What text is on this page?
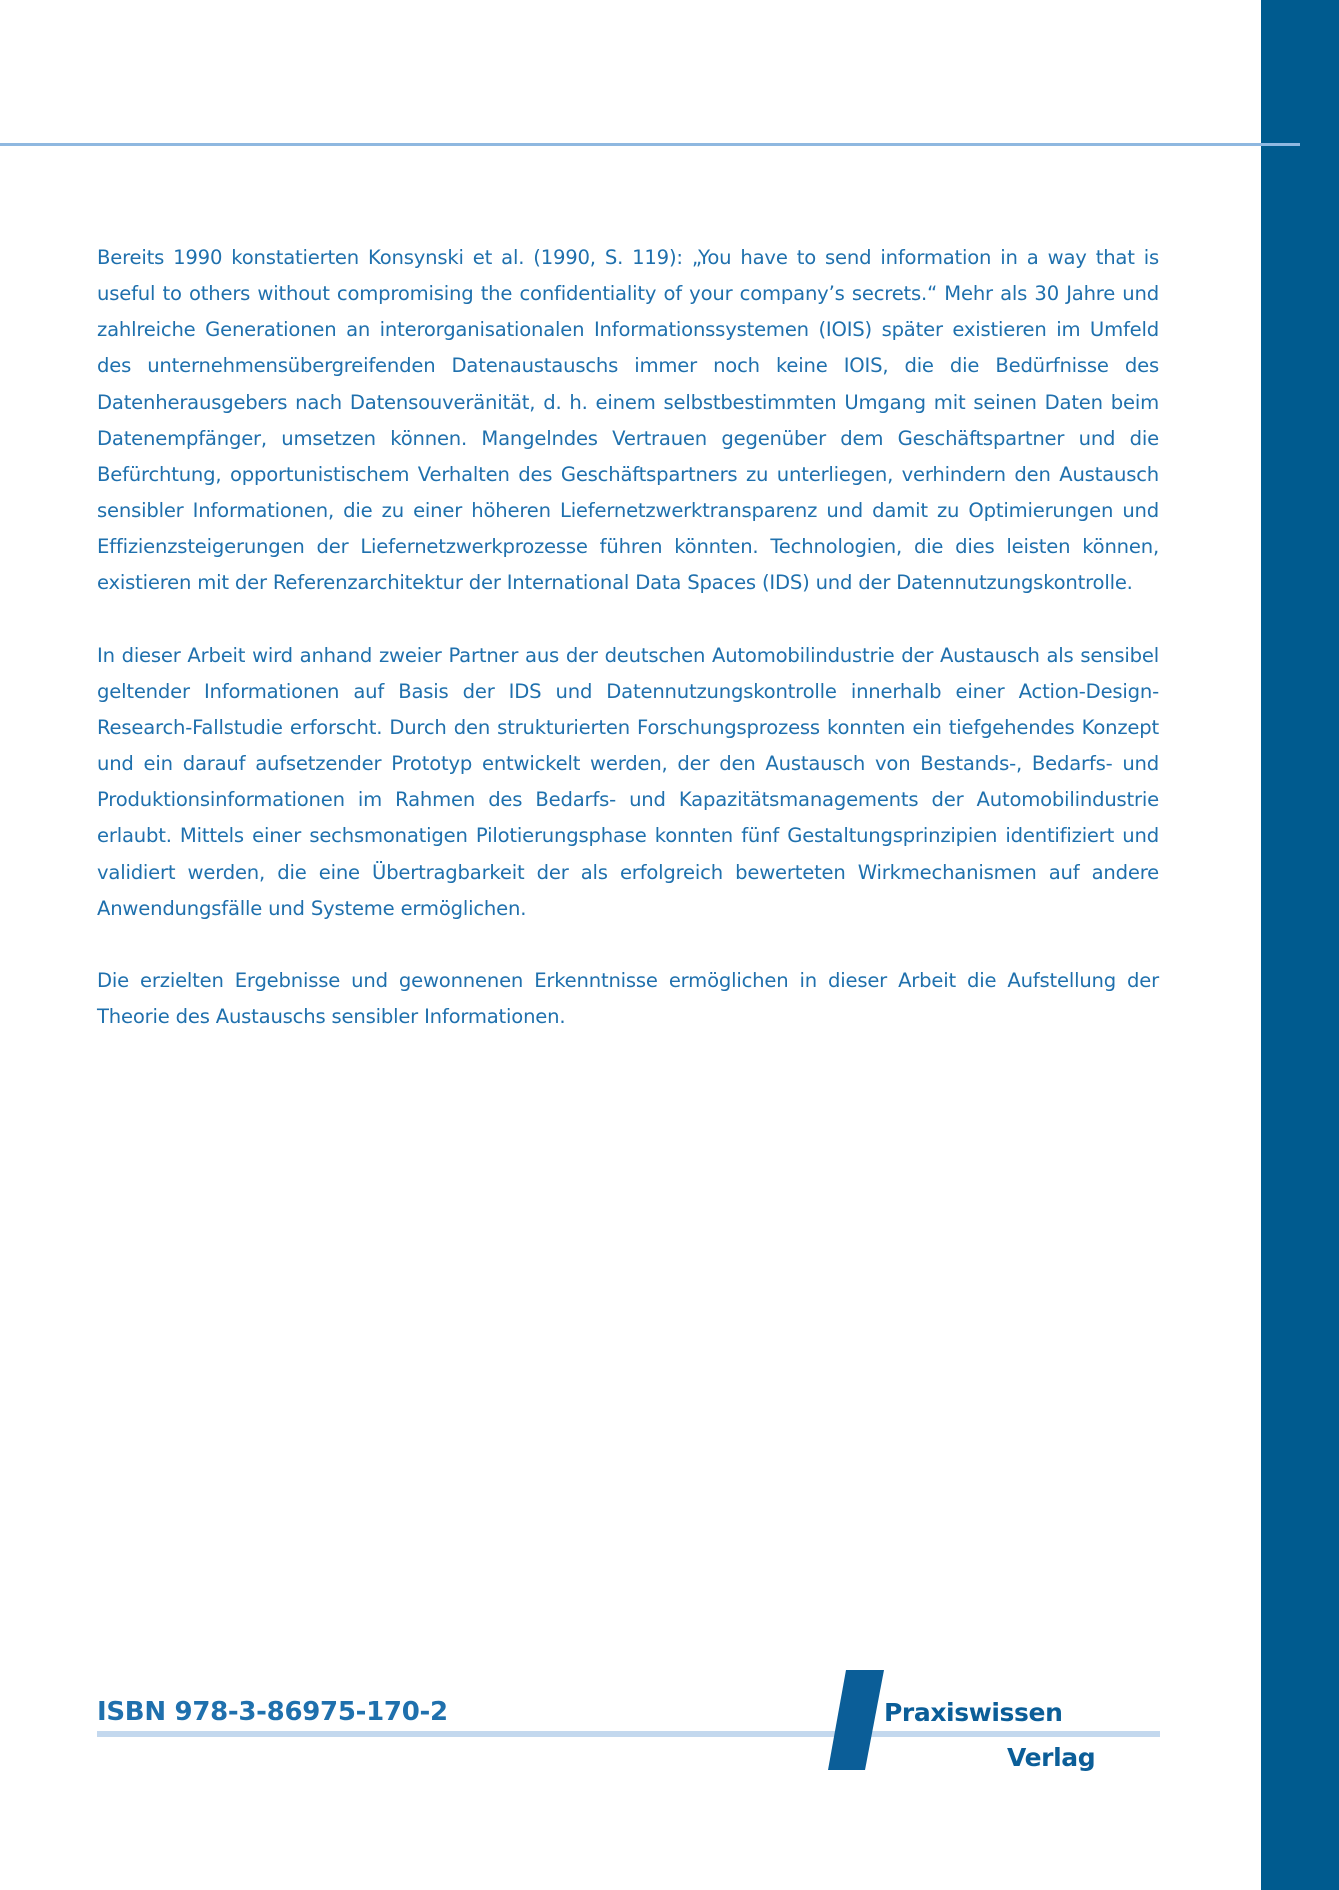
Bereits 1990 konstatierten Konsynski et al. (1990, S. 119): „You have to send information in a way that is useful to others without compromising the confidentiality of your company’s secrets.“ Mehr als 30 Jahre und zahlreiche Generationen an interorganisationalen Informationssystemen (IOIS) später existieren im Umfeld des unternehmensübergreifenden Datenaustauschs immer noch keine IOIS, die die Bedürfnisse des Datenherausgebers nach Datensouveränität, d. h. einem selbstbestimmten Umgang mit seinen Daten beim Datenempfänger, umsetzen können. Mangelndes Vertrauen gegenüber dem Geschäftspartner und die Befürchtung, opportunistischem Verhalten des Geschäftspartners zu unterliegen, verhindern den Austausch sensibler Informationen, die zu einer höheren Liefernetzwerktransparenz und damit zu Optimierungen und Effizienzsteigerungen der Liefernetzwerkprozesse führen könnten. Technologien, die dies leisten können, existieren mit der Referenzarchitektur der International Data Spaces (IDS) und der Datennutzungskontrolle.

In dieser Arbeit wird anhand zweier Partner aus der deutschen Automobilindustrie der Austausch als sensibel geltender Informationen auf Basis der IDS und Datennutzungskontrolle innerhalb einer Action-Design-Research-Fallstudie erforscht. Durch den strukturierten Forschungsprozess konnten ein tiefgehendes Konzept und ein darauf aufsetzender Prototyp entwickelt werden, der den Austausch von Bestands-, Bedarfs- und Produktionsinformationen im Rahmen des Bedarfs- und Kapazitätsmanagements der Automobilindustrie erlaubt. Mittels einer sechsmonatigen Pilotierungsphase konnten fünf Gestaltungsprinzipien identifiziert und validiert werden, die eine Übertragbarkeit der als erfolgreich bewerteten Wirkmechanismen auf andere Anwendungsfälle und Systeme ermöglichen.

Die erzielten Ergebnisse und gewonnenen Erkenntnisse ermöglichen in dieser Arbeit die Aufstellung der Theorie des Austauschs sensibler Informationen.

ISBN 978-3-86975-170-2	Praxiswissen
Verlag
